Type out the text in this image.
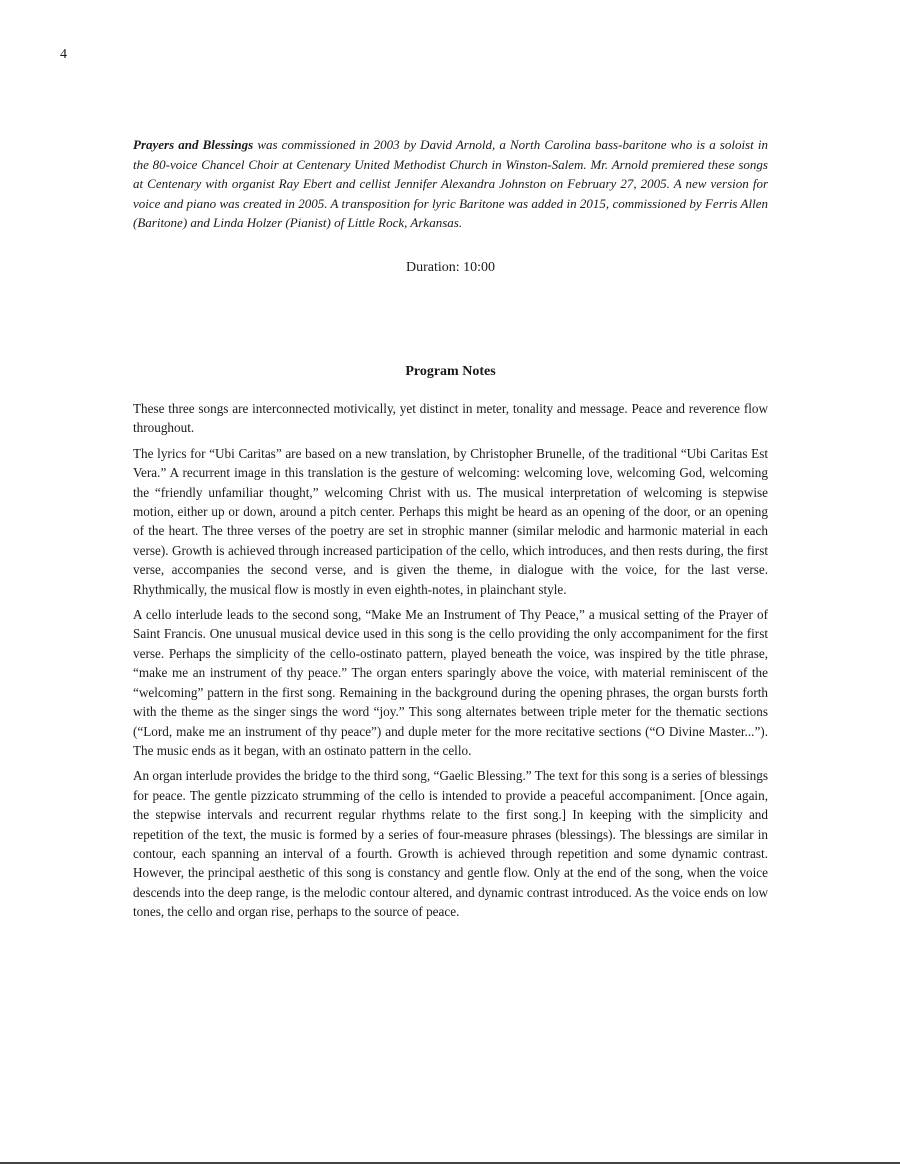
4

Prayers and Blessings was commissioned in 2003 by David Arnold, a North Carolina bass-baritone who is a soloist in the 80-voice Chancel Choir at Centenary United Methodist Church in Winston-Salem. Mr. Arnold premiered these songs at Centenary with organist Ray Ebert and cellist Jennifer Alexandra Johnston on February 27, 2005. A new version for voice and piano was created in 2005. A transposition for lyric Baritone was added in 2015, commissioned by Ferris Allen (Baritone) and Linda Holzer (Pianist) of Little Rock, Arkansas.

Duration: 10:00
Program Notes

These three songs are interconnected motivically, yet distinct in meter, tonality and message. Peace and reverence flow throughout.

The lyrics for “Ubi Caritas” are based on a new translation, by Christopher Brunelle, of the traditional “Ubi Caritas Est Vera.” A recurrent image in this translation is the gesture of welcoming: welcoming love, welcoming God, welcoming the “friendly unfamiliar thought,” welcoming Christ with us. The musical interpretation of welcoming is stepwise motion, either up or down, around a pitch center. Perhaps this might be heard as an opening of the door, or an opening of the heart. The three verses of the poetry are set in strophic manner (similar melodic and harmonic material in each verse). Growth is achieved through increased participation of the cello, which introduces, and then rests during, the first verse, accompanies the second verse, and is given the theme, in dialogue with the voice, for the last verse. Rhythmically, the musical flow is mostly in even eighth-notes, in plainchant style.

A cello interlude leads to the second song, “Make Me an Instrument of Thy Peace,” a musical setting of the Prayer of Saint Francis. One unusual musical device used in this song is the cello providing the only accompaniment for the first verse. Perhaps the simplicity of the cello-ostinato pattern, played beneath the voice, was inspired by the title phrase, “make me an instrument of thy peace.” The organ enters sparingly above the voice, with material reminiscent of the “welcoming” pattern in the first song. Remaining in the background during the opening phrases, the organ bursts forth with the theme as the singer sings the word “joy.” This song alternates between triple meter for the thematic sections (“Lord, make me an instrument of thy peace”) and duple meter for the more recitative sections (“O Divine Master...”). The music ends as it began, with an ostinato pattern in the cello.

An organ interlude provides the bridge to the third song, “Gaelic Blessing.” The text for this song is a series of blessings for peace. The gentle pizzicato strumming of the cello is intended to provide a peaceful accompaniment. [Once again, the stepwise intervals and recurrent regular rhythms relate to the first song.] In keeping with the simplicity and repetition of the text, the music is formed by a series of four-measure phrases (blessings). The blessings are similar in contour, each spanning an interval of a fourth. Growth is achieved through repetition and some dynamic contrast. However, the principal aesthetic of this song is constancy and gentle flow. Only at the end of the song, when the voice descends into the deep range, is the melodic contour altered, and dynamic contrast introduced. As the voice ends on low tones, the cello and organ rise, perhaps to the source of peace.
